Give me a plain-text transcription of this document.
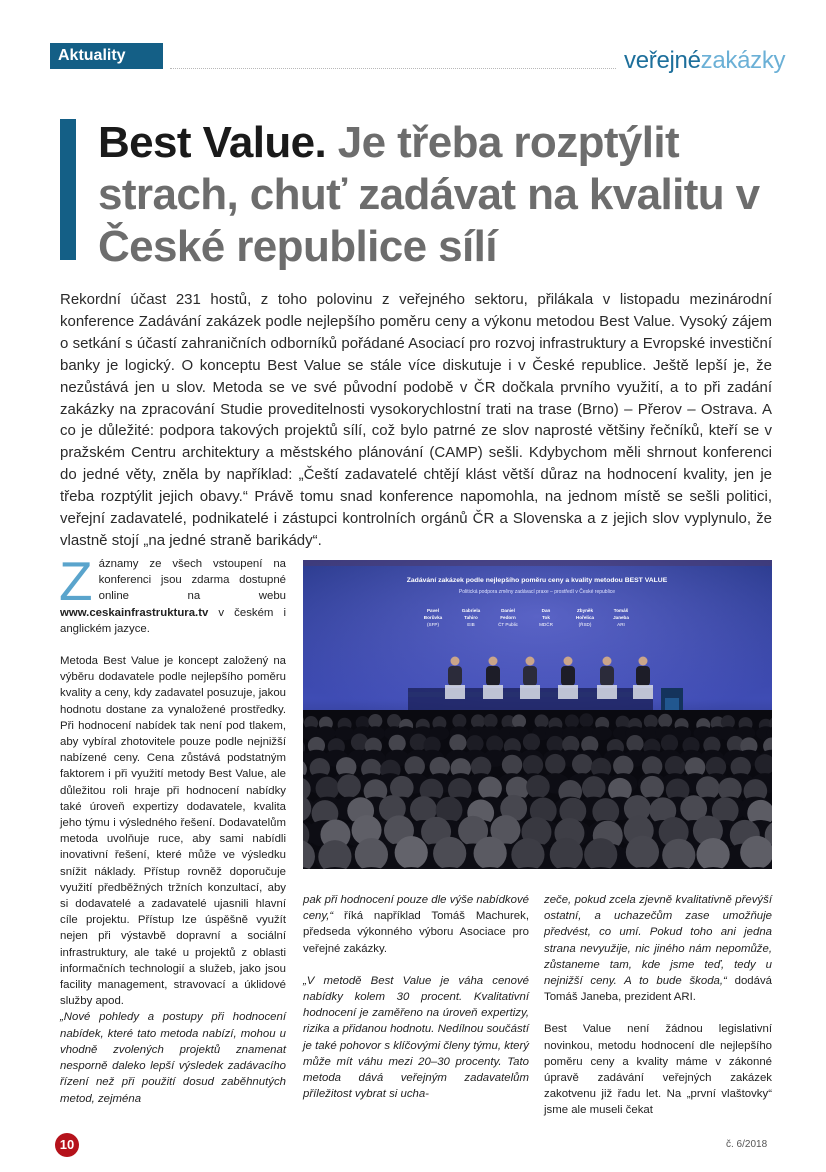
Aktuality	veřejnézakázky
Best Value. Je třeba rozptýlit strach, chuť zadávat na kvalitu v České republice sílí

Rekordní účast 231 hostů, z toho polovinu z veřejného sektoru, přilákala v listopadu mezinárodní konference Zadávání zakázek podle nejlepšího poměru ceny a výkonu metodou Best Value. Vysoký zájem o setkání s účastí zahraničních odborníků pořádané Asociací pro rozvoj infrastruktury a Evropské investiční banky je logický. O konceptu Best Value se stále více diskutuje i v České republice. Ještě lepší je, že nezůstává jen u slov. Metoda se ve své původní podobě v ČR dočkala prvního využití, a to při zadání zakázky na zpracování Studie proveditelnosti vysokorychlostní trati na trase (Brno) – Přerov – Ostrava. A co je důležité: podpora takových projektů sílí, což bylo patrné ze slov naprosté většiny řečníků, kteří se v pražském Centru architektury a městského plánování (CAMP) sešli. Kdybychom měli shrnout konferenci do jedné věty, zněla by například: „Čeští zadavatelé chtějí klást větší důraz na hodnocení kvality, jen je třeba rozptýlit jejich obavy.“ Právě tomu snad konference napomohla, na jednom místě se sešli politici, veřejní zadavatelé, podnikatelé i zástupci kontrolních orgánů ČR a Slovenska a z jejich slov vyplynulo, že vlastně stojí „na jedné straně barikády“.

Záznamy ze všech vstoupení na konferenci jsou zdarma dostupné online na webu www.ceskainfrastruktura.tv v českém i anglickém jazyce.

Metoda Best Value je koncept založený na výběru dodavatele podle nejlepšího poměru kvality a ceny, kdy zadavatel posuzuje, jakou hodnotu dostane za vynaložené prostředky. Při hodnocení nabídek tak není pod tlakem, aby vybíral zhotovitele pouze podle nejnižší nabízené ceny. Cena zůstává podstatným faktorem i při využití metody Best Value, ale důležitou roli hraje při hodnocení nabídky také úroveň expertizy dodavatele, kvalita jeho týmu i výsledného řešení. Dodavatelům metoda uvolňuje ruce, aby sami nabídli inovativní řešení, které může ve výsledku snížit náklady. Přístup rovněž doporučuje využití předběžných tržních konzultací, aby si dodavatelé a zadavatelé ujasnili hlavní cíle projektu. Přístup lze úspěšně využít nejen při výstavbě dopravní a sociální infrastruktury, ale také u projektů z oblasti informačních technologií a služeb, jako jsou facility management, stravovací a úklidové služby apod.

„Nové pohledy a postupy při hodnocení nabídek, které tato metoda nabízí, mohou u vhodně zvolených projektů znamenat nesporně daleko lepší výsledek zadávacího řízení než při použití dosud zaběhnutých metod, zejména

Zadávání zakázek podle nejlepšího poměru ceny a kvality metodou BEST VALUE
Politická podpora změny zadávací praxe – prostředí v České republice
Pavel
Borůvka
(SFP)
Gabriela
Tahiro
EIB
Daniel
Fedorn
ČT Public
Dan
Tok
MDČR
Zbyněk
Hořelica
(ŘSD)
Tomáš
Janeba
ARI

pak při hodnocení pouze dle výše nabídkové ceny,“ říká například Tomáš Machurek, předseda výkonného výboru Asociace pro veřejné zakázky.

„V metodě Best Value je váha cenové nabídky kolem 30 procent. Kvalitativní hodnocení je zaměřeno na úroveň expertizy, rizika a přidanou hodnotu. Nedílnou součástí je také pohovor s klíčovými členy týmu, který může mít váhu mezi 20–30 procenty. Tato metoda dává veřejným zadavatelům příležitost vybrat si ucha-

zeče, pokud zcela zjevně kvalitativně převýší ostatní, a uchazečům zase umožňuje předvést, co umí. Pokud toho ani jedna strana nevyužije, nic jiného nám nepomůže, zůstaneme tam, kde jsme teď, tedy u nejnižší ceny. A to bude škoda,“ dodává Tomáš Janeba, prezident ARI.

Best Value není žádnou legislativní novinkou, metodu hodnocení dle nejlepšího poměru ceny a kvality máme v zákonné úpravě zadávání veřejných zakázek zakotvenu již řadu let. Na „první vlaštovky“ jsme ale museli čekat

10	č. 6/2018
